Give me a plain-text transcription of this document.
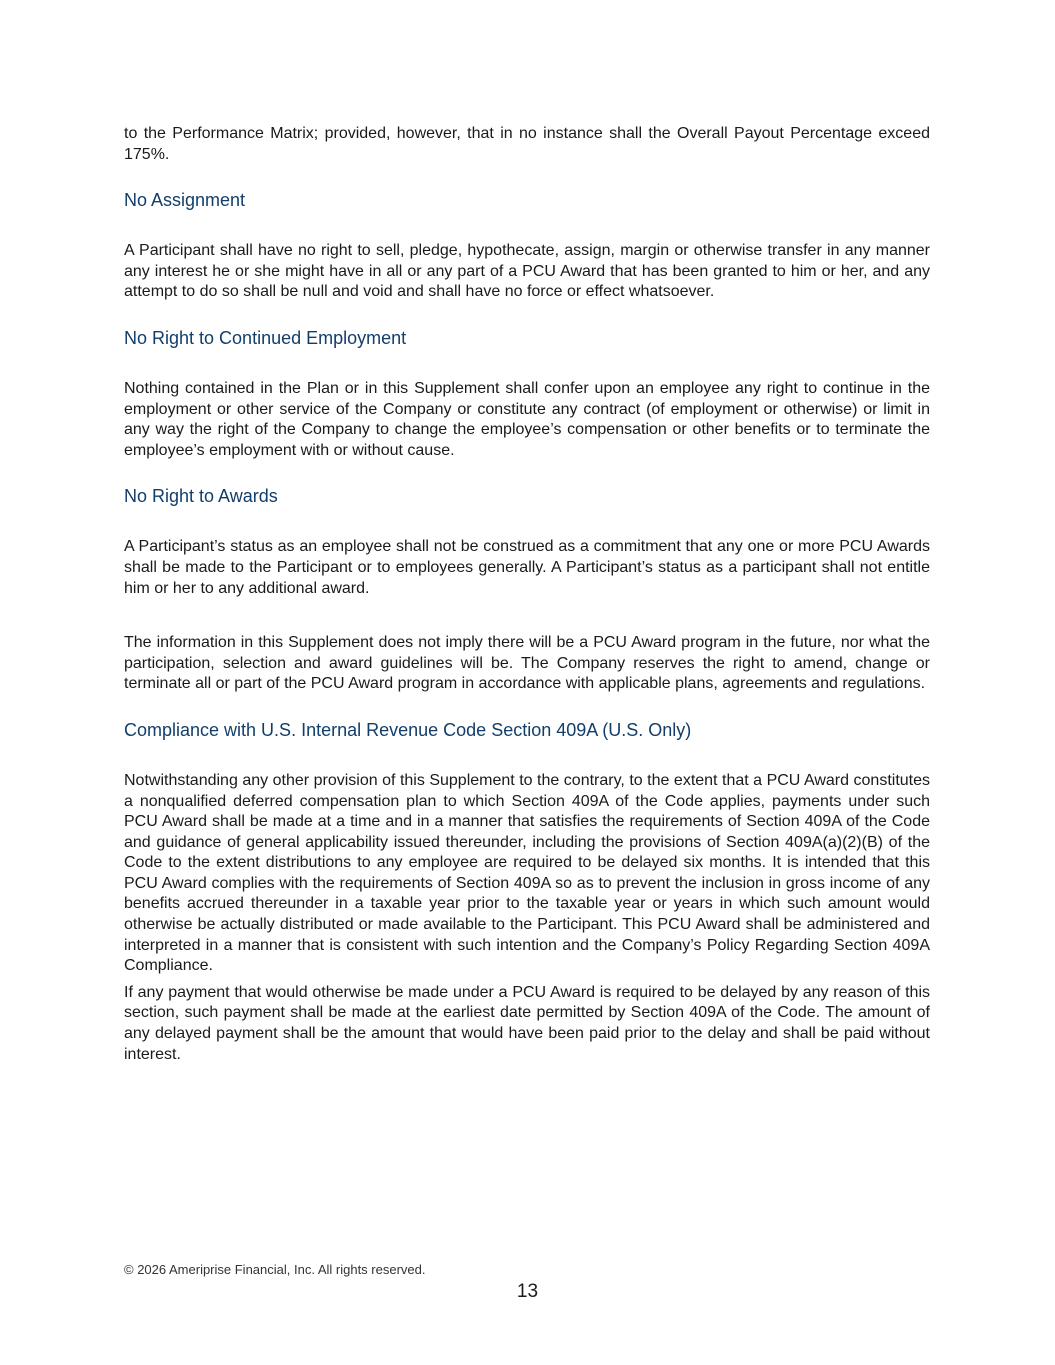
to the Performance Matrix; provided, however, that in no instance shall the Overall Payout Percentage exceed 175%.

No Assignment

A Participant shall have no right to sell, pledge, hypothecate, assign, margin or otherwise transfer in any manner any interest he or she might have in all or any part of a PCU Award that has been granted to him or her, and any attempt to do so shall be null and void and shall have no force or effect whatsoever.

No Right to Continued Employment

Nothing contained in the Plan or in this Supplement shall confer upon an employee any right to continue in the employment or other service of the Company or constitute any contract (of employment or otherwise) or limit in any way the right of the Company to change the employee’s compensation or other benefits or to terminate the employee’s employment with or without cause.

No Right to Awards

A Participant’s status as an employee shall not be construed as a commitment that any one or more PCU Awards shall be made to the Participant or to employees generally. A Participant’s status as a participant shall not entitle him or her to any additional award.

The information in this Supplement does not imply there will be a PCU Award program in the future, nor what the participation, selection and award guidelines will be. The Company reserves the right to amend, change or terminate all or part of the PCU Award program in accordance with applicable plans, agreements and regulations.

Compliance with U.S. Internal Revenue Code Section 409A (U.S. Only)

Notwithstanding any other provision of this Supplement to the contrary, to the extent that a PCU Award constitutes a nonqualified deferred compensation plan to which Section 409A of the Code applies, payments under such PCU Award shall be made at a time and in a manner that satisfies the requirements of Section 409A of the Code and guidance of general applicability issued thereunder, including the provisions of Section 409A(a)(2)(B) of the Code to the extent distributions to any employee are required to be delayed six months. It is intended that this PCU Award complies with the requirements of Section 409A so as to prevent the inclusion in gross income of any benefits accrued thereunder in a taxable year prior to the taxable year or years in which such amount would otherwise be actually distributed or made available to the Participant. This PCU Award shall be administered and interpreted in a manner that is consistent with such intention and the Company’s Policy Regarding Section 409A Compliance.

If any payment that would otherwise be made under a PCU Award is required to be delayed by any reason of this section, such payment shall be made at the earliest date permitted by Section 409A of the Code. The amount of any delayed payment shall be the amount that would have been paid prior to the delay and shall be paid without interest.

© 2026 Ameriprise Financial, Inc. All rights reserved.
13
